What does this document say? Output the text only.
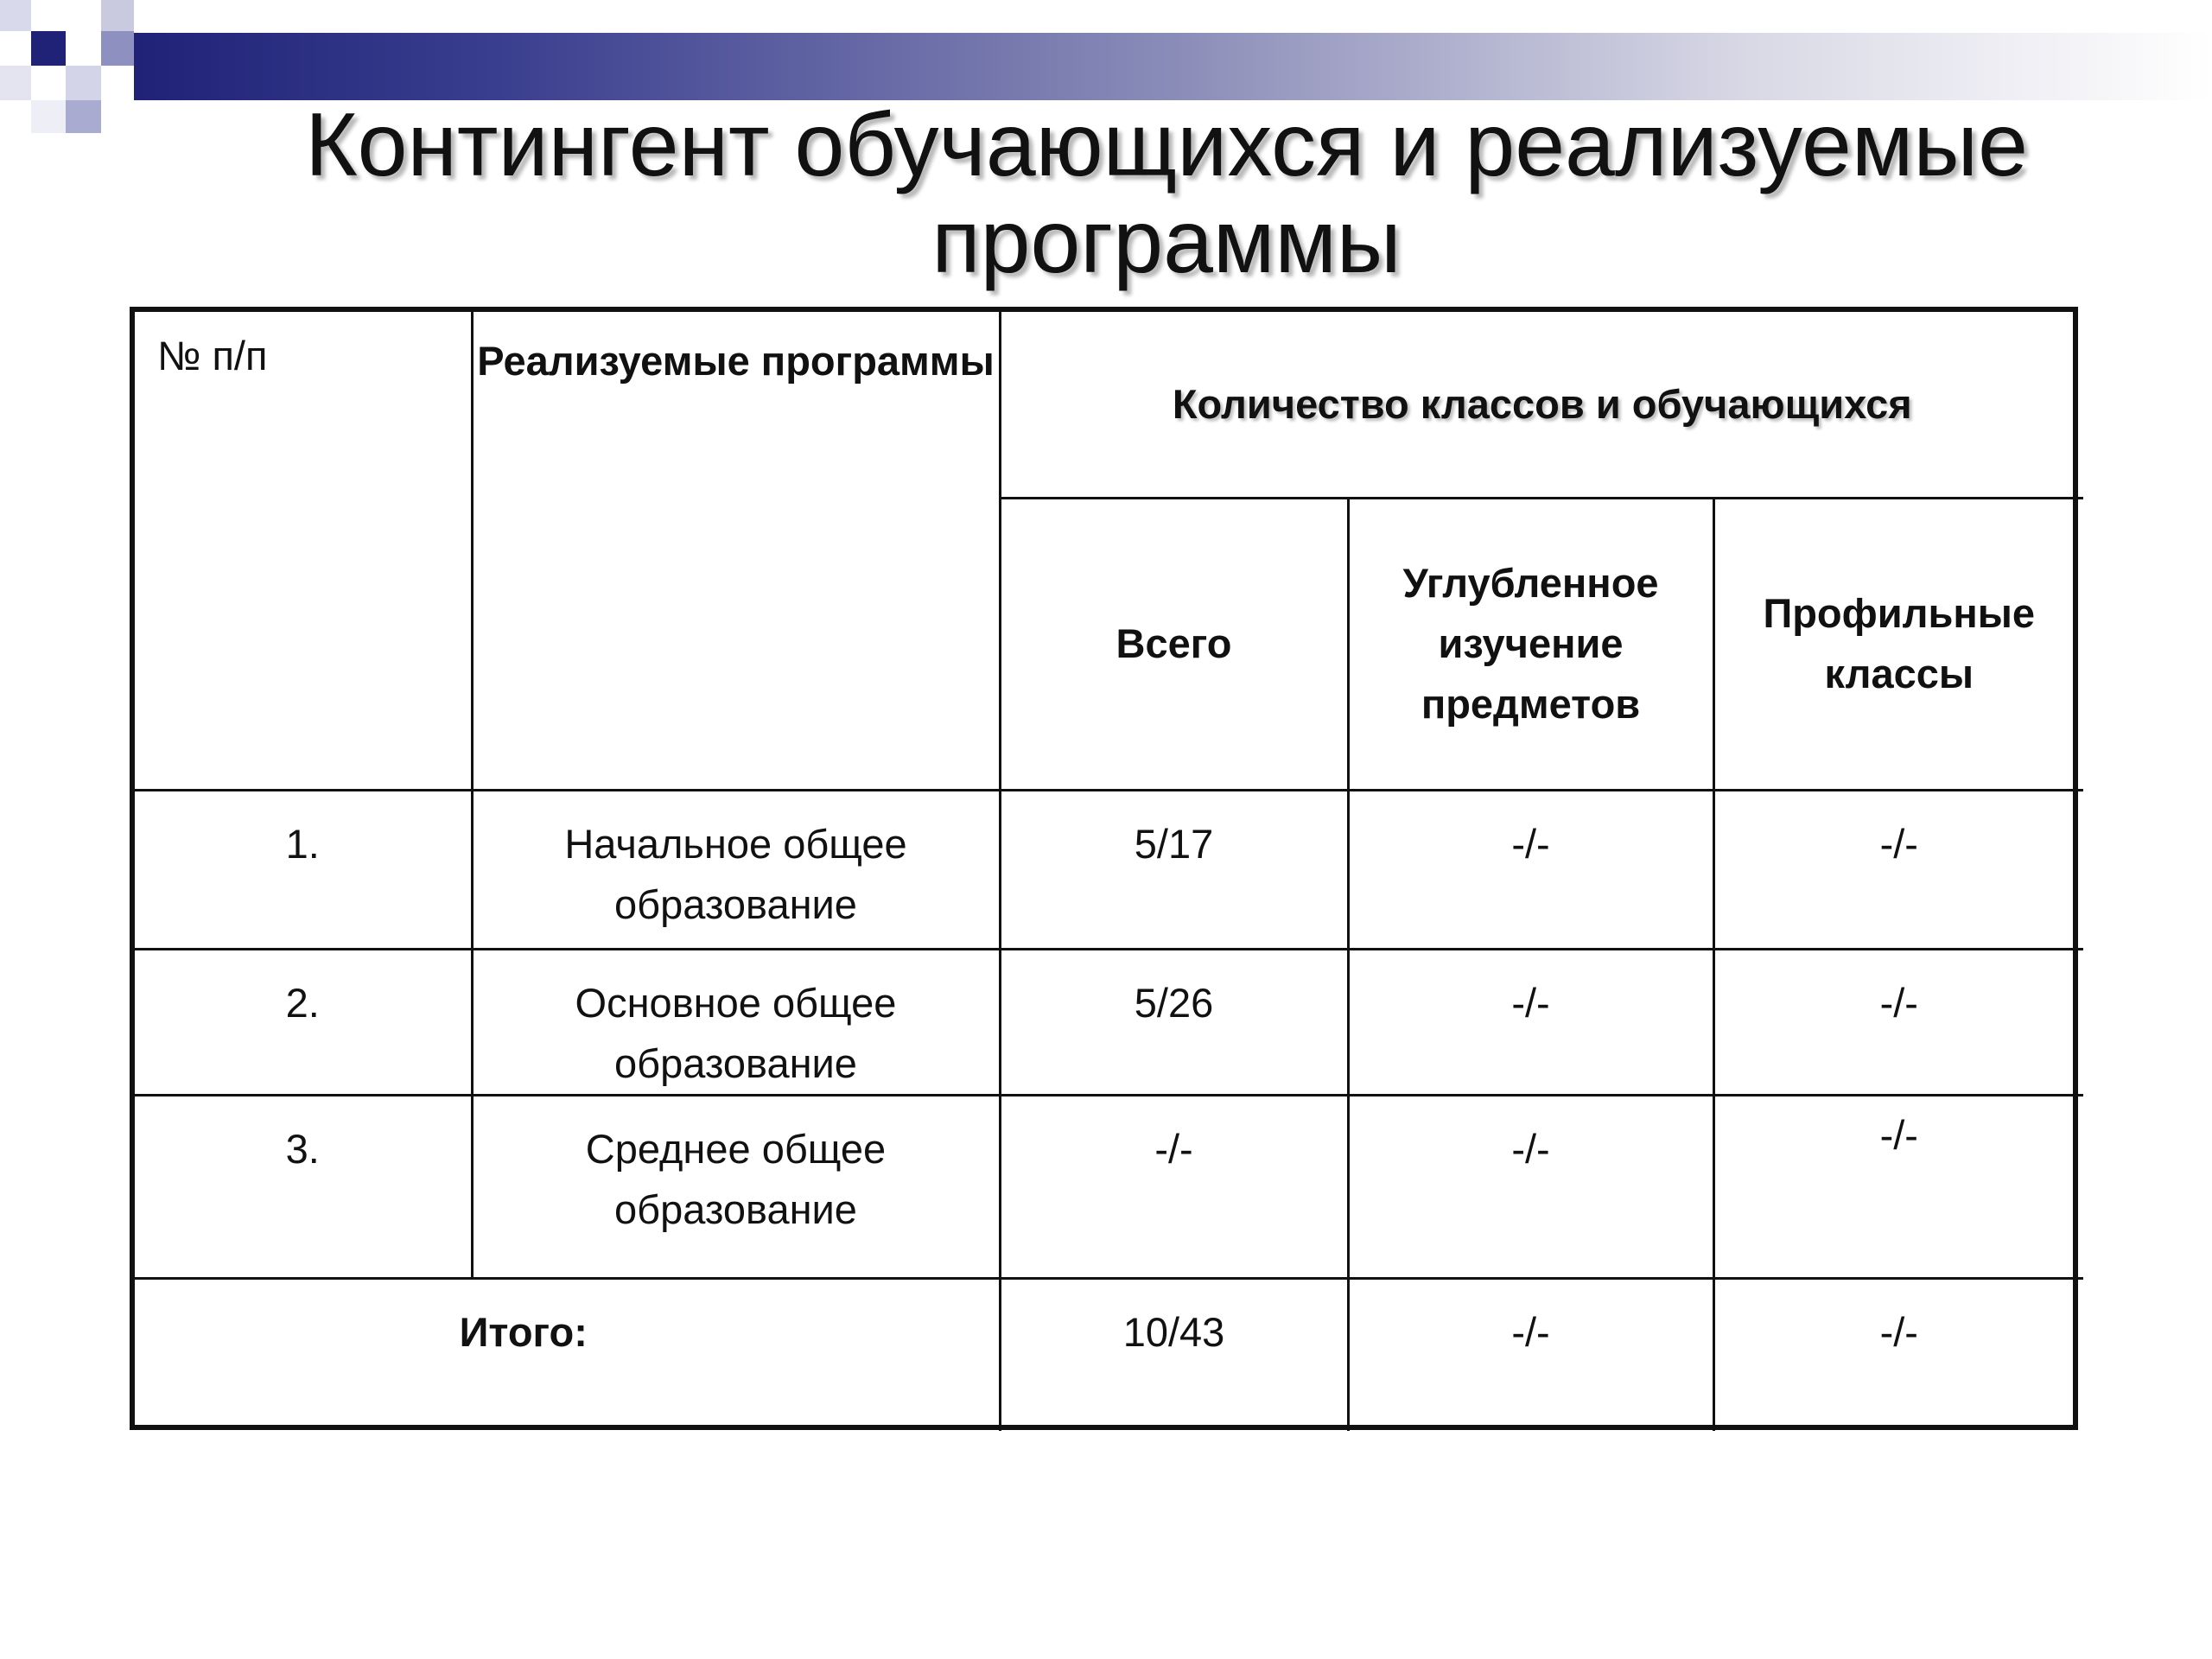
Контингент обучающихся и реализуемые
программы
№ п/п	Реализуемые программы	Количество классов и обучающихся		
		Всего	Углубленное изучение предметов	Профильные классы
1.	Начальное общее образование	5/17	-/-	-/-
2.	Основное общее образование	5/26	-/-	-/-
3.	Среднее общее образование	-/-	-/-	-/-
Итого:		10/43	-/-	-/-
